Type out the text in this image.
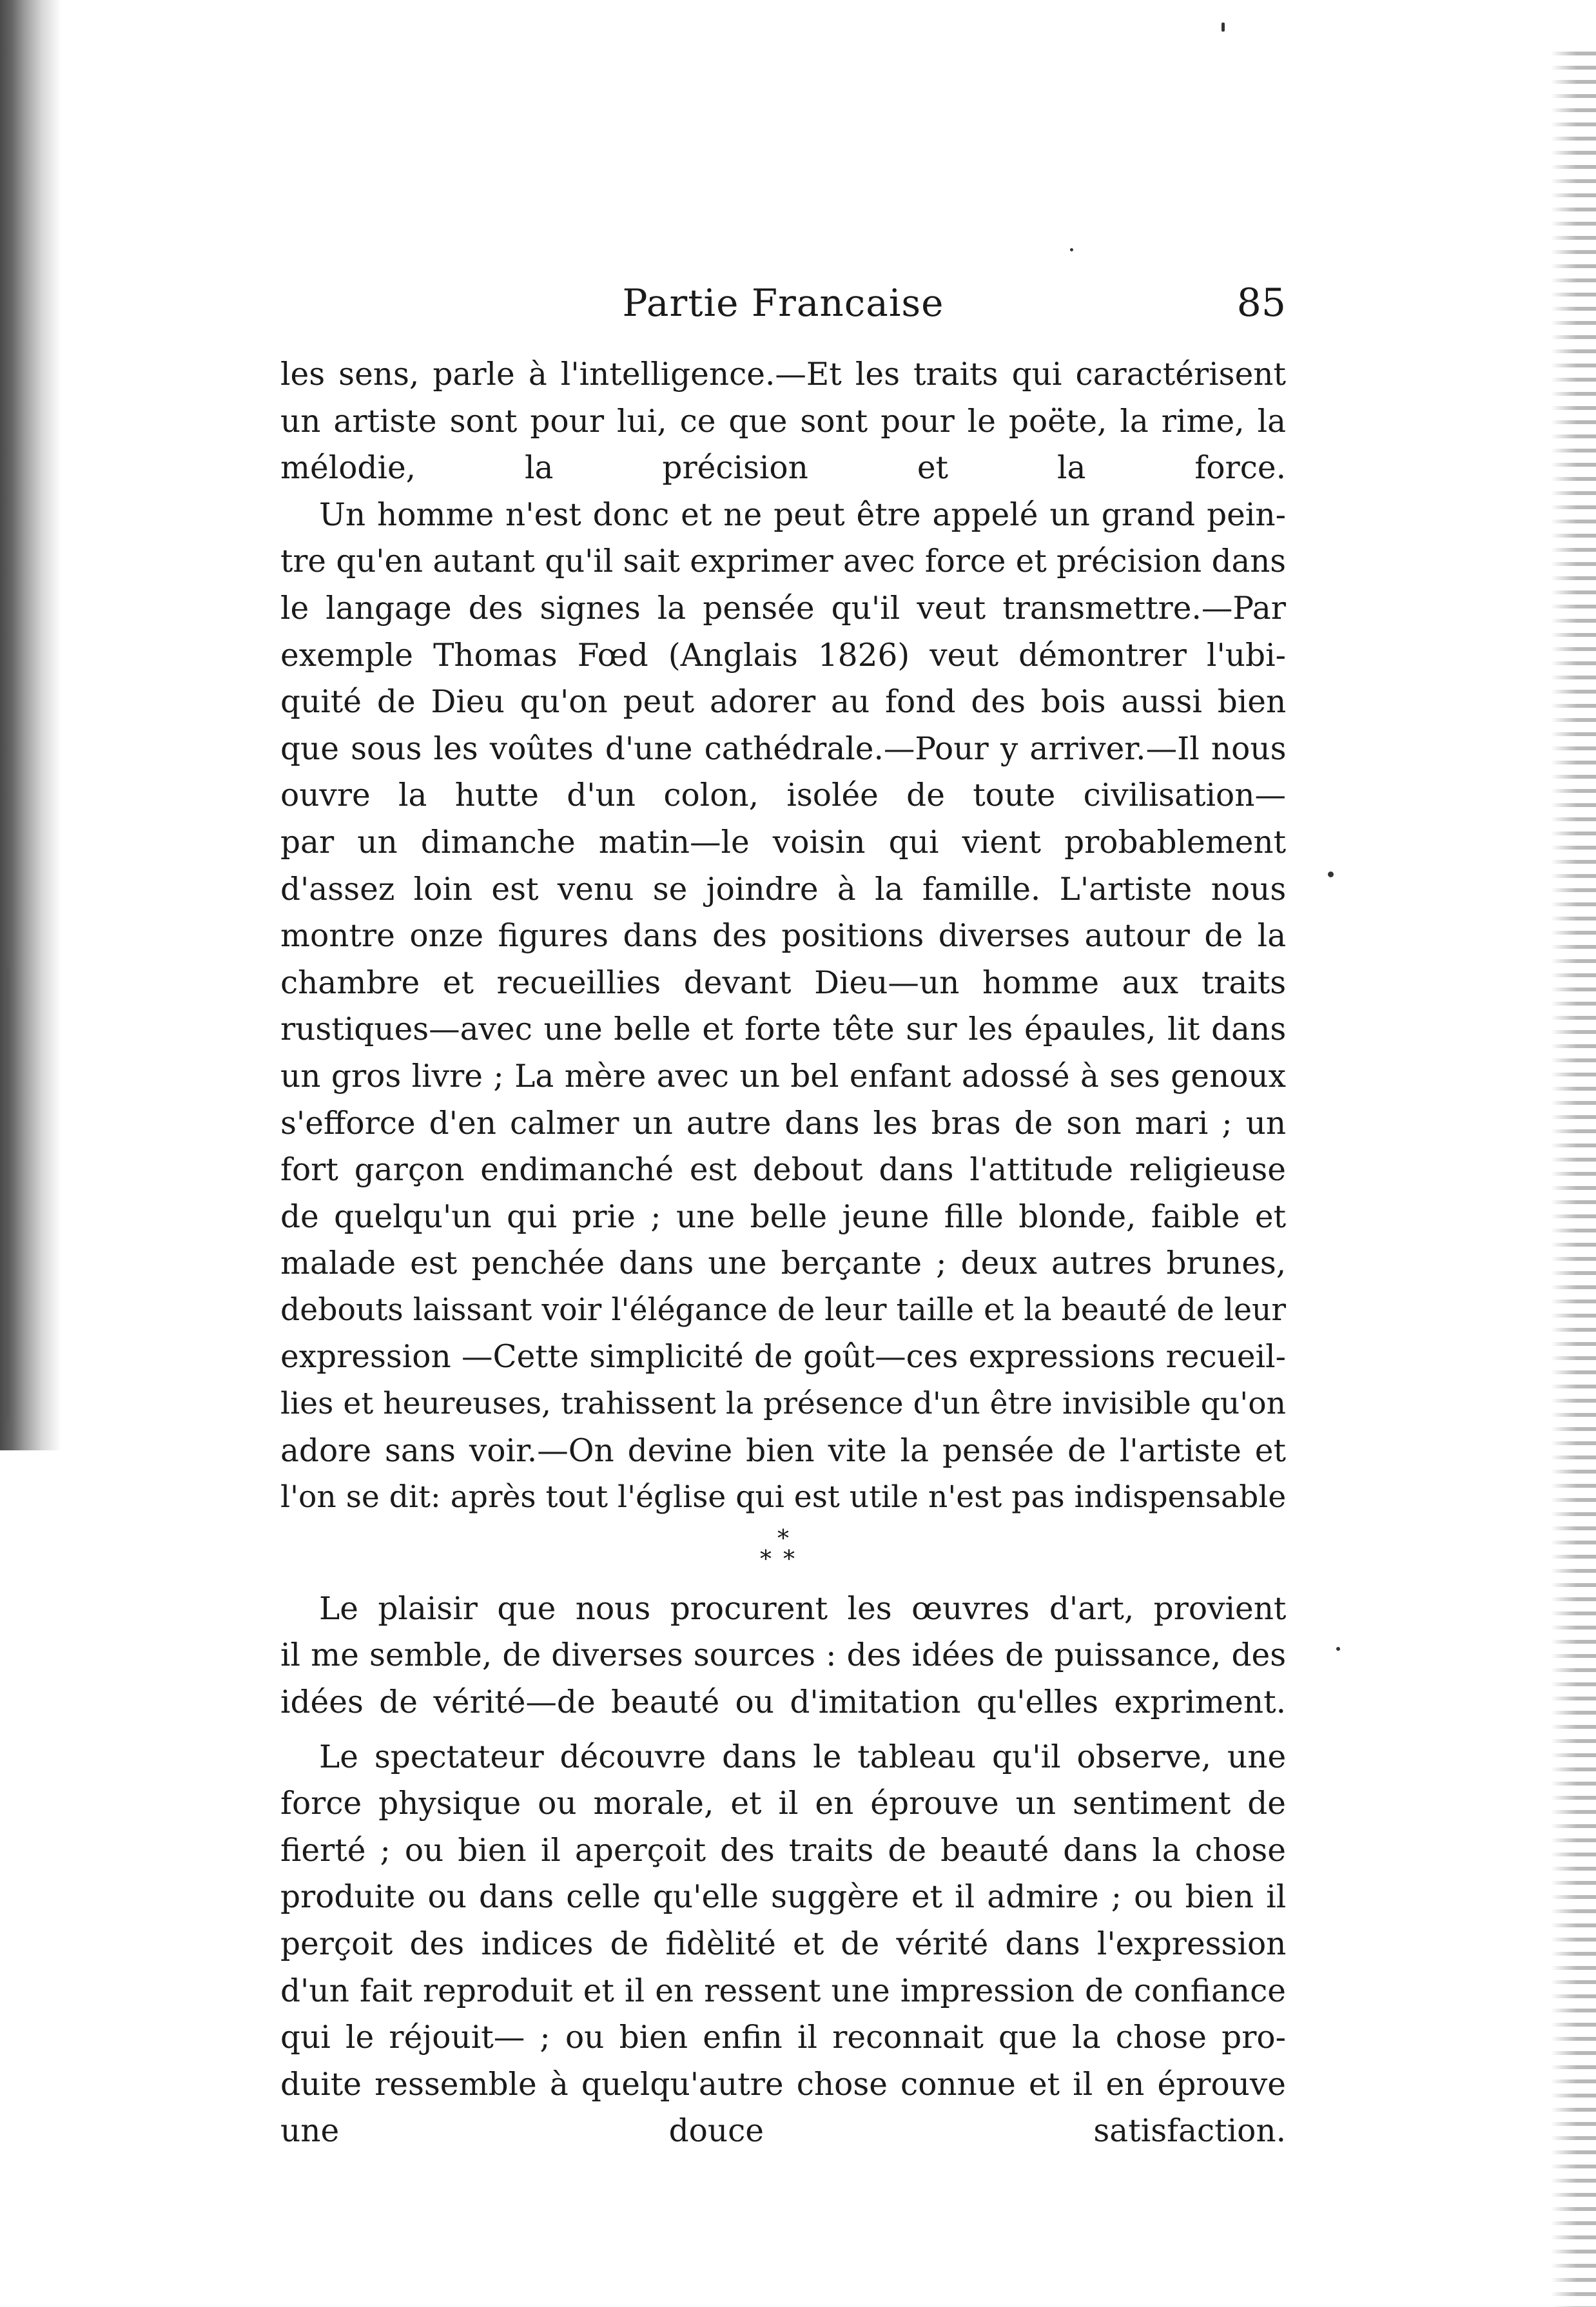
Partie Francaise	85
les sens, parle à l'intelligence.—Et les traits qui caractérisent
un artiste sont pour lui, ce que sont pour le poëte, la rime, la
mélodie, la précision et la force.
Un homme n'est donc et ne peut être appelé un grand pein-
tre qu'en autant qu'il sait exprimer avec force et précision dans
le langage des signes la pensée qu'il veut transmettre.—Par
exemple Thomas Fœd (Anglais 1826) veut démontrer l'ubi-
quité de Dieu qu'on peut adorer au fond des bois aussi bien
que sous les voûtes d'une cathédrale.—Pour y arriver.—Il nous
ouvre la hutte d'un colon, isolée de toute civilisation—
par un dimanche matin—le voisin qui vient probablement
d'assez loin est venu se joindre à la famille. L'artiste nous
montre onze figures dans des positions diverses autour de la
chambre et recueillies devant Dieu—un homme aux traits
rustiques—avec une belle et forte tête sur les épaules, lit dans
un gros livre ; La mère avec un bel enfant adossé à ses genoux
s'efforce d'en calmer un autre dans les bras de son mari ; un
fort garçon endimanché est debout dans l'attitude religieuse
de quelqu'un qui prie ; une belle jeune fille blonde, faible et
malade est penchée dans une berçante ; deux autres brunes,
debouts laissant voir l'élégance de leur taille et la beauté de leur
expression —Cette simplicité de goût—ces expressions recueil-
lies et heureuses, trahissent la présence d'un être invisible qu'on
adore sans voir.—On devine bien vite la pensée de l'artiste et
l'on se dit: après tout l'église qui est utile n'est pas indispensable
*
**
Le plaisir que nous procurent les œuvres d'art, provient
il me semble, de diverses sources : des idées de puissance, des
idées de vérité—de beauté ou d'imitation qu'elles expriment.
Le spectateur découvre dans le tableau qu'il observe, une
force physique ou morale, et il en éprouve un sentiment de
fierté ; ou bien il aperçoit des traits de beauté dans la chose
produite ou dans celle qu'elle suggère et il admire ; ou bien il
perçoit des indices de fidèlité et de vérité dans l'expression
d'un fait reproduit et il en ressent une impression de confiance
qui le réjouit— ; ou bien enfin il reconnait que la chose pro-
duite ressemble à quelqu'autre chose connue et il en éprouve
une douce satisfaction.
